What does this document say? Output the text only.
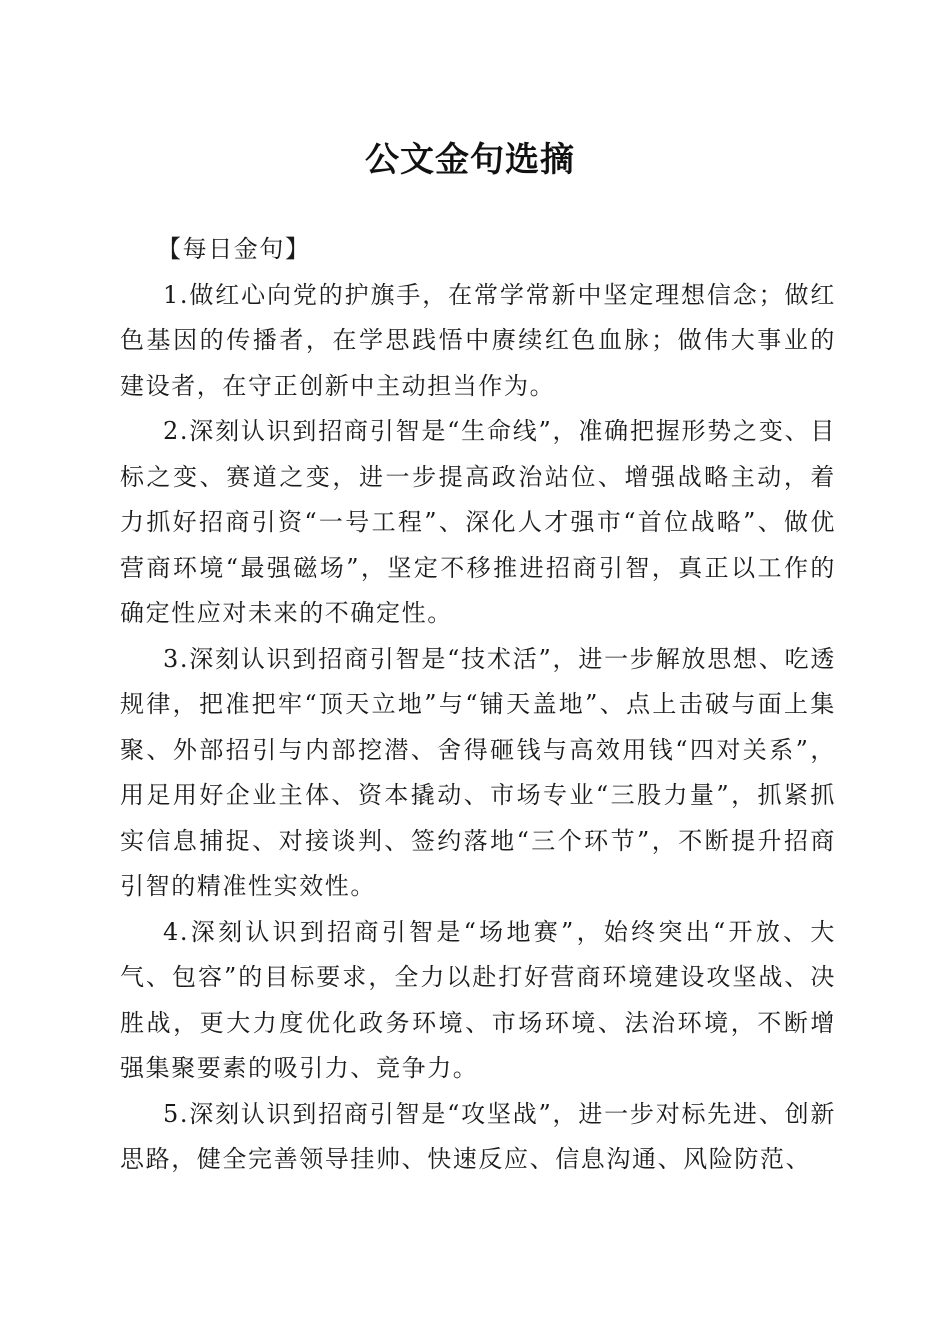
公文金句选摘

【每日金句】

1.做红心向党的护旗手，在常学常新中坚定理想信念；做红色基因的传播者，在学思践悟中赓续红色血脉；做伟大事业的建设者，在守正创新中主动担当作为。

2.深刻认识到招商引智是“生命线”，准确把握形势之变、目标之变、赛道之变，进一步提高政治站位、增强战略主动，着力抓好招商引资“一号工程”、深化人才强市“首位战略”、做优营商环境“最强磁场”，坚定不移推进招商引智，真正以工作的确定性应对未来的不确定性。

3.深刻认识到招商引智是“技术活”，进一步解放思想、吃透规律，把准把牢“顶天立地”与“铺天盖地”、点上击破与面上集聚、外部招引与内部挖潜、舍得砸钱与高效用钱“四对关系”，用足用好企业主体、资本撬动、市场专业“三股力量”，抓紧抓实信息捕捉、对接谈判、签约落地“三个环节”，不断提升招商引智的精准性实效性。

4.深刻认识到招商引智是“场地赛”，始终突出“开放、大气、包容”的目标要求，全力以赴打好营商环境建设攻坚战、决胜战，更大力度优化政务环境、市场环境、法治环境，不断增强集聚要素的吸引力、竞争力。

5.深刻认识到招商引智是“攻坚战”，进一步对标先进、创新思路，健全完善领导挂帅、快速反应、信息沟通、风险防范、
